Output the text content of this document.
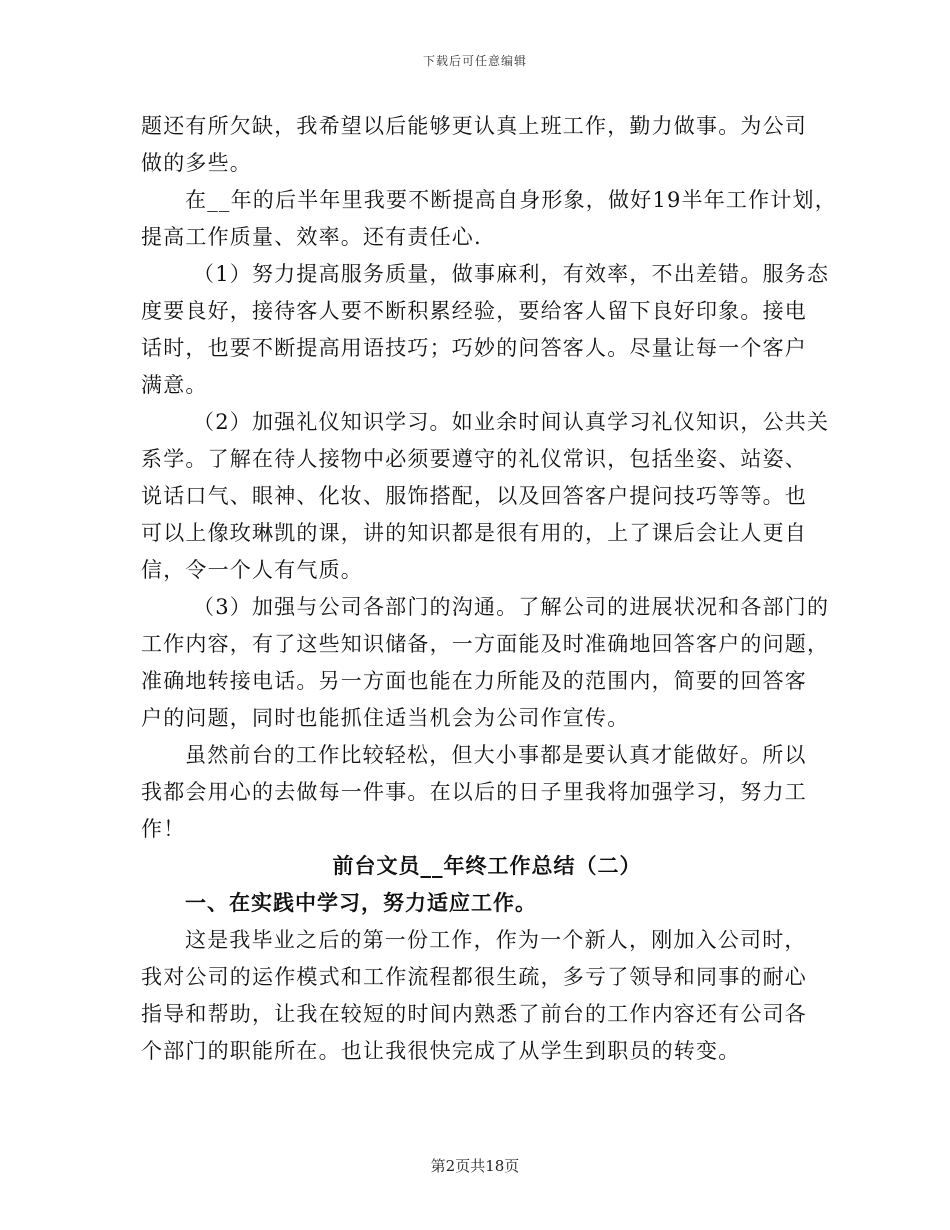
下载后可任意编辑
题还有所欠缺，我希望以后能够更认真上班工作，勤力做事。为公司
做的多些。
在__年的后半年里我要不断提高自身形象，做好19半年工作计划，
提高工作质量、效率。还有责任心.
（1）努力提高服务质量，做事麻利，有效率，不出差错。服务态
度要良好，接待客人要不断积累经验，要给客人留下良好印象。接电
话时，也要不断提高用语技巧；巧妙的问答客人。尽量让每一个客户
满意。
（2）加强礼仪知识学习。如业余时间认真学习礼仪知识，公共关
系学。了解在待人接物中必须要遵守的礼仪常识，包括坐姿、站姿、
说话口气、眼神、化妆、服饰搭配，以及回答客户提问技巧等等。也
可以上像玫琳凯的课，讲的知识都是很有用的，上了课后会让人更自
信，令一个人有气质。
（3）加强与公司各部门的沟通。了解公司的进展状况和各部门的
工作内容，有了这些知识储备，一方面能及时准确地回答客户的问题，
准确地转接电话。另一方面也能在力所能及的范围内，简要的回答客
户的问题，同时也能抓住适当机会为公司作宣传。
虽然前台的工作比较轻松，但大小事都是要认真才能做好。所以
我都会用心的去做每一件事。在以后的日子里我将加强学习，努力工
作！
前台文员__年终工作总结（二）
一、在实践中学习，努力适应工作。
这是我毕业之后的第一份工作，作为一个新人，刚加入公司时，
我对公司的运作模式和工作流程都很生疏，多亏了领导和同事的耐心
指导和帮助，让我在较短的时间内熟悉了前台的工作内容还有公司各
个部门的职能所在。也让我很快完成了从学生到职员的转变。
第2页共18页
